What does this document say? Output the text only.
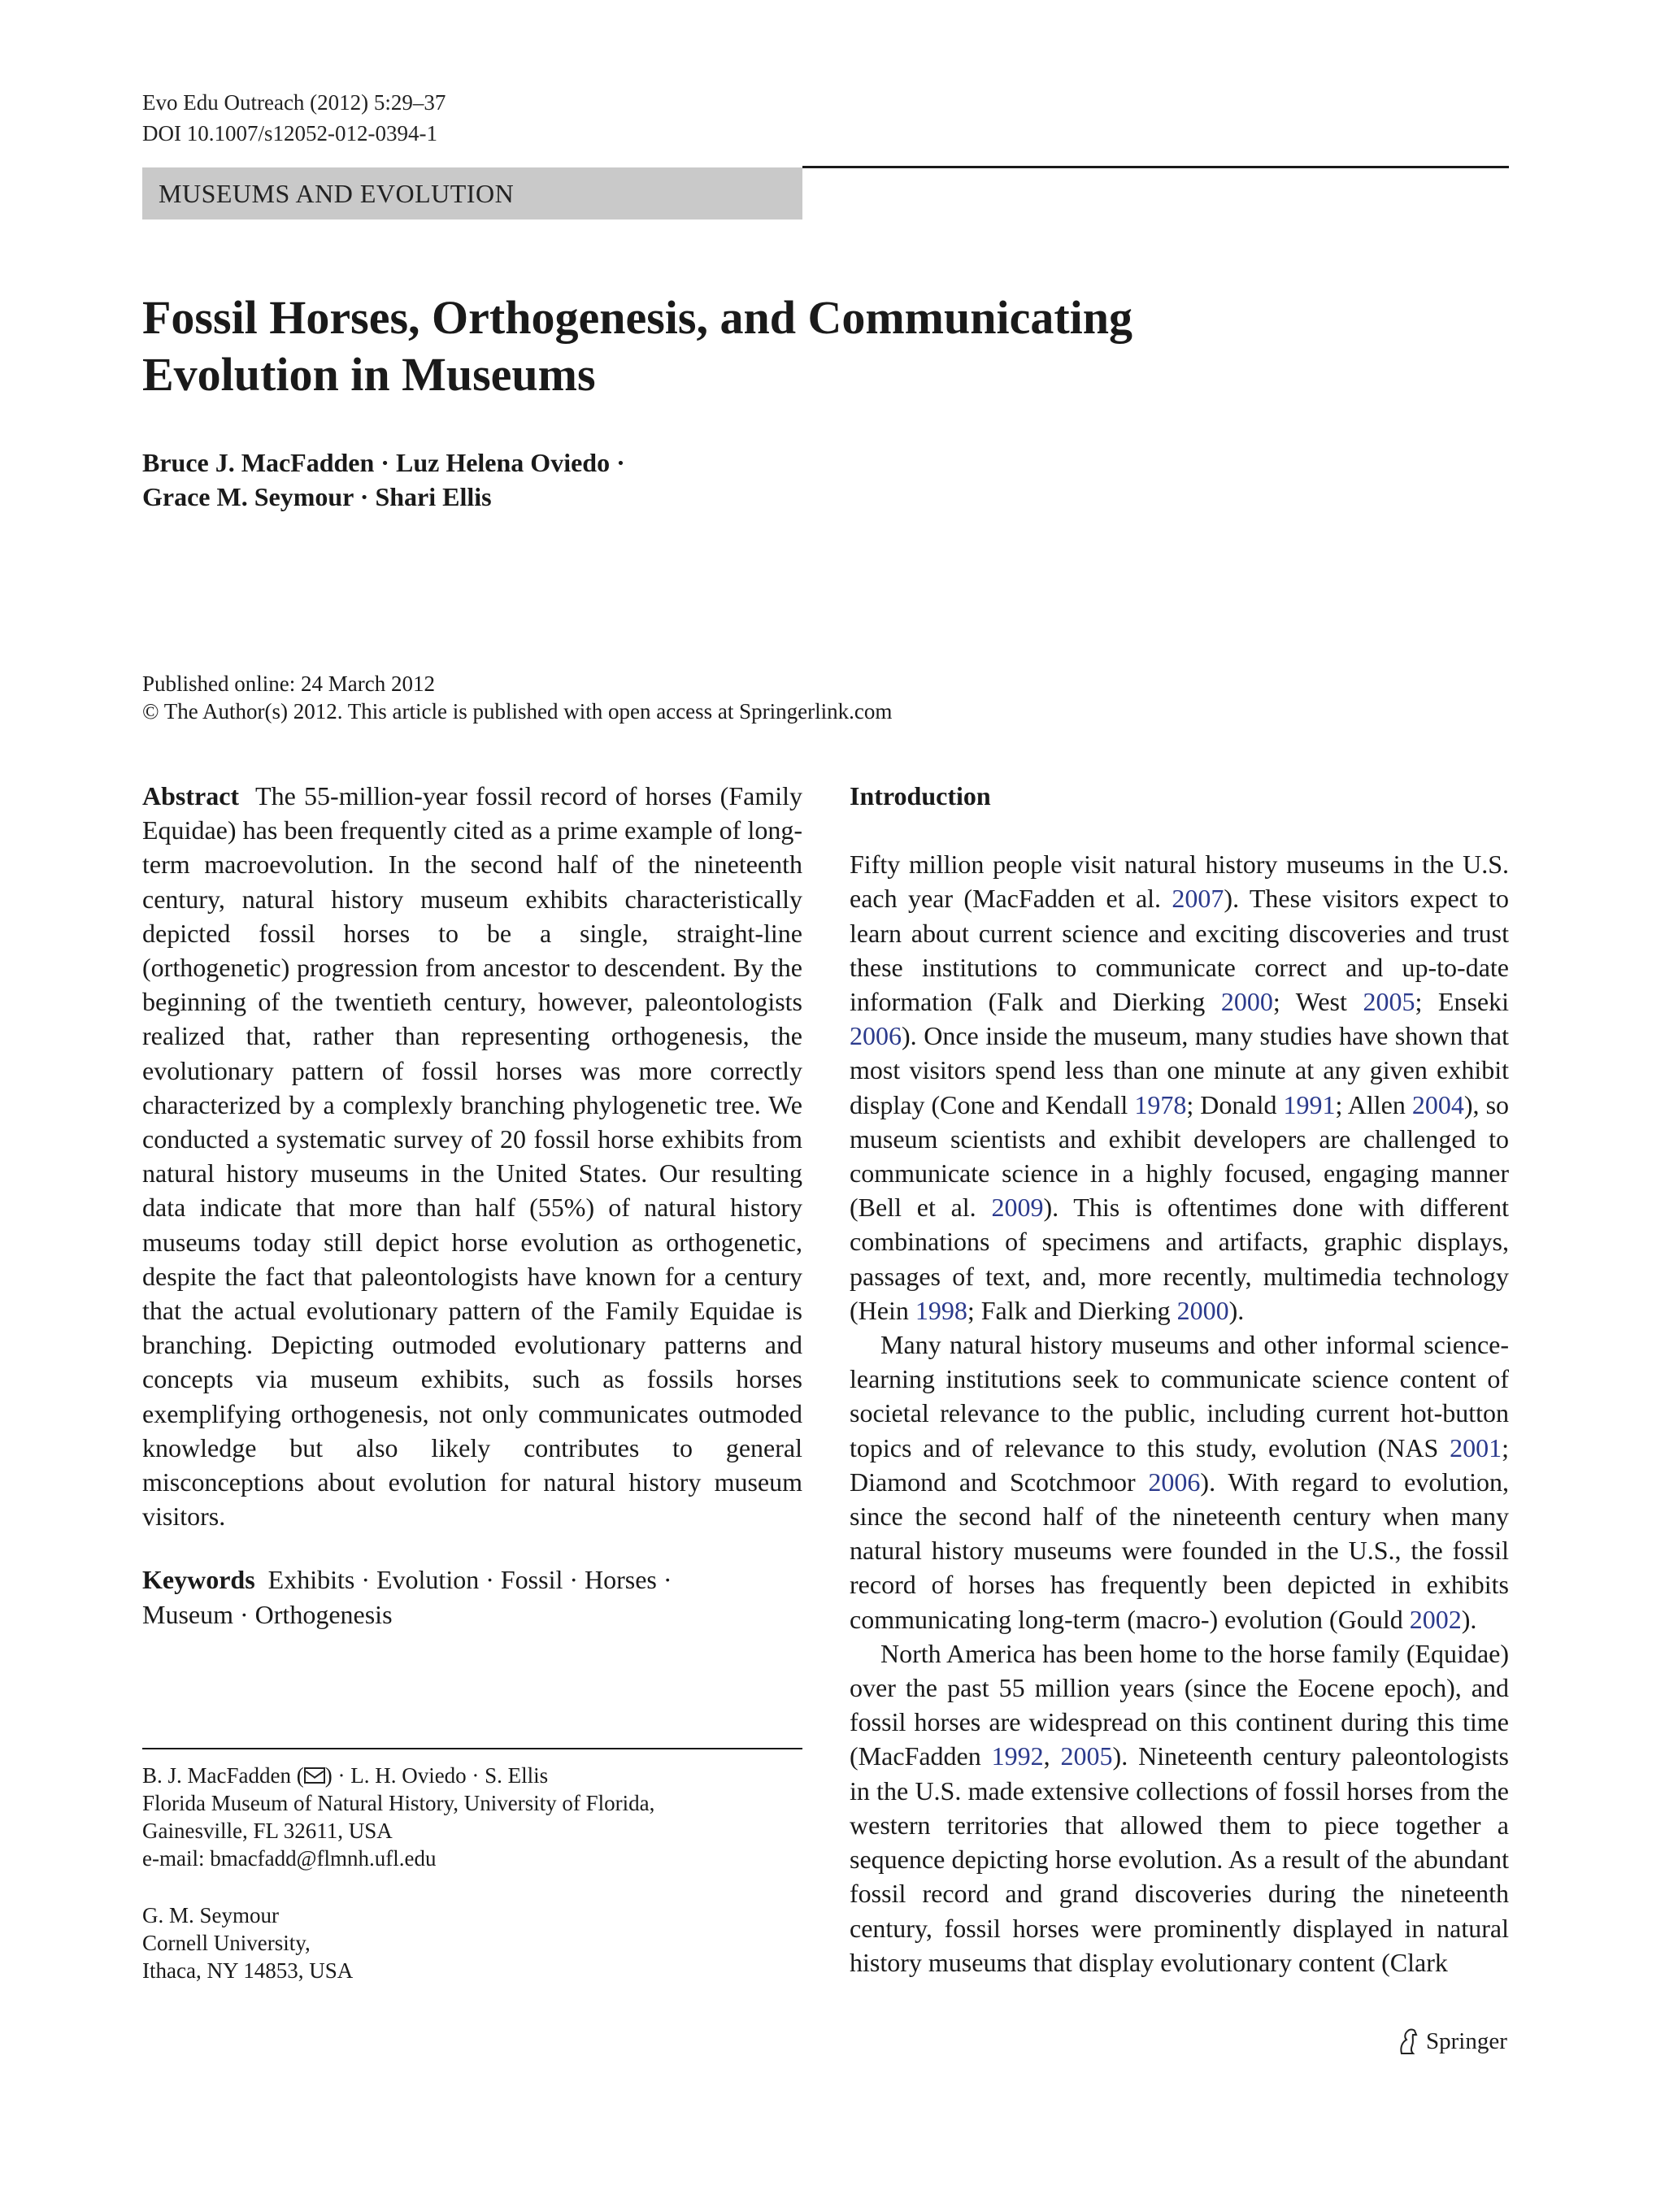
Evo Edu Outreach (2012) 5:29–37
DOI 10.1007/s12052-012-0394-1
MUSEUMS AND EVOLUTION
Fossil Horses, Orthogenesis, and Communicating
Evolution in Museums
Bruce J. MacFadden · Luz Helena Oviedo ·
Grace M. Seymour · Shari Ellis
Published online: 24 March 2012
© The Author(s) 2012. This article is published with open access at Springerlink.com

Abstract The 55-million-year fossil record of horses (Family Equidae) has been frequently cited as a prime example of long-term macroevolution. In the second half of the nineteenth century, natural history museum exhibits characteristically depicted fossil horses to be a single, straight-line (orthogenetic) progression from ancestor to descendent. By the beginning of the twentieth century, however, paleontologists realized that, rather than representing orthogenesis, the evolutionary pattern of fossil horses was more correctly characterized by a complexly branching phylogenetic tree. We conducted a systematic survey of 20 fossil horse exhibits from natural history museums in the United States. Our resulting data indicate that more than half (55%) of natural history museums today still depict horse evolution as orthogenetic, despite the fact that paleontologists have known for a century that the actual evolutionary pattern of the Family Equidae is branching. Depicting outmoded evolutionary patterns and concepts via museum exhibits, such as fossils horses exemplifying orthogenesis, not only communicates outmoded knowledge but also likely contributes to general misconceptions about evolution for natural history museum visitors.

Keywords Exhibits · Evolution · Fossil · Horses ·
Museum · Orthogenesis

B. J. MacFadden ( ) · L. H. Oviedo · S. Ellis
Florida Museum of Natural History, University of Florida,
Gainesville, FL 32611, USA
e-mail: bmacfadd@flmnh.ufl.edu
G. M. Seymour
Cornell University,
Ithaca, NY 14853, USA
Introduction

Fifty million people visit natural history museums in the U.S. each year (MacFadden et al. 2007). These visitors expect to learn about current science and exciting discoveries and trust these institutions to communicate correct and up-to-date information (Falk and Dierking 2000; West 2005; Enseki 2006). Once inside the museum, many studies have shown that most visitors spend less than one minute at any given exhibit display (Cone and Kendall 1978; Donald 1991; Allen 2004), so museum scientists and exhibit developers are challenged to communicate science in a highly focused, engaging manner (Bell et al. 2009). This is oftentimes done with different combinations of specimens and artifacts, graphic displays, passages of text, and, more recently, multimedia technology (Hein 1998; Falk and Dierking 2000).

Many natural history museums and other informal science-learning institutions seek to communicate science content of societal relevance to the public, including current hot-button topics and of relevance to this study, evolution (NAS 2001; Diamond and Scotchmoor 2006). With regard to evolution, since the second half of the nineteenth century when many natural history museums were founded in the U.S., the fossil record of horses has frequently been depicted in exhibits communicating long-term (macro-) evolution (Gould 2002).

North America has been home to the horse family (Equidae) over the past 55 million years (since the Eocene epoch), and fossil horses are widespread on this continent during this time (MacFadden 1992, 2005). Nineteenth century paleontologists in the U.S. made extensive collections of fossil horses from the western territories that allowed them to piece together a sequence depicting horse evolution. As a result of the abundant fossil record and grand discoveries during the nineteenth century, fossil horses were prominently displayed in natural history museums that display evolutionary content (Clark

Springer
